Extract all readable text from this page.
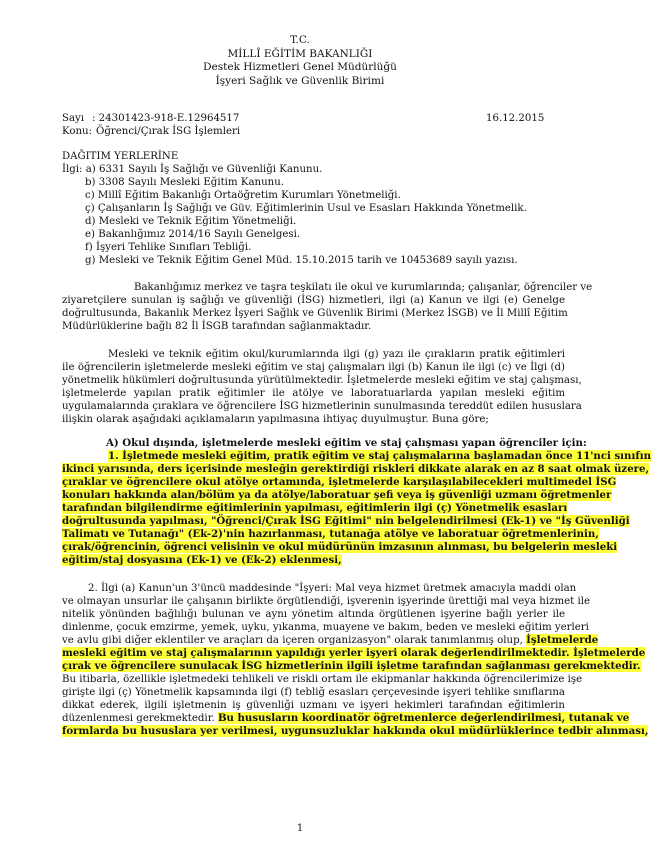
T.C.
MİLLÎ EĞİTİM BAKANLIĞI
Destek Hizmetleri Genel Müdürlüğü
İşyeri Sağlık ve Güvenlik Birimi
Sayı : 24301423-918-E.12964517	16.12.2015
Konu: Öğrenci/Çırak İSG İşlemleri
DAĞITIM YERLERİNE
İlgi: a) 6331 Sayılı İş Sağlığı ve Güvenliği Kanunu.
b) 3308 Sayılı Mesleki Eğitim Kanunu.
c) Millî Eğitim Bakanlığı Ortaöğretim Kurumları Yönetmeliği.
ç) Çalışanların İş Sağlığı ve Güv. Eğitimlerinin Usul ve Esasları Hakkında Yönetmelik.
d) Mesleki ve Teknik Eğitim Yönetmeliği.
e) Bakanlığımız 2014/16 Sayılı Genelgesi.
f) İşyeri Tehlike Sınıfları Tebliği.
g) Mesleki ve Teknik Eğitim Genel Müd. 15.10.2015 tarih ve 10453689 sayılı yazısı.
Bakanlığımız merkez ve taşra teşkilatı ile okul ve kurumlarında; çalışanlar, öğrenciler ve
ziyaretçilere sunulan iş sağlığı ve güvenliği (İSG) hizmetleri, ilgi (a) Kanun ve ilgi (e) Genelge
doğrultusunda, Bakanlık Merkez İşyeri Sağlık ve Güvenlik Birimi (Merkez İSGB) ve İl Millî Eğitim
Müdürlüklerine bağlı 82 İl İSGB tarafından sağlanmaktadır.
Mesleki ve teknik eğitim okul/kurumlarında ilgi (g) yazı ile çırakların pratik eğitimleri
ile öğrencilerin işletmelerde mesleki eğitim ve staj çalışmaları ilgi (b) Kanun ile ilgi (c) ve İlgi (d)
yönetmelik hükümleri doğrultusunda yürütülmektedir. İşletmelerde mesleki eğitim ve staj çalışması,
işletmelerde yapılan pratik eğitimler ile atölye ve laboratuarlarda yapılan mesleki eğitim
uygulamalarında çıraklara ve öğrencilere İSG hizmetlerinin sunulmasında tereddüt edilen hususlara
ilişkin olarak aşağıdaki açıklamaların yapılmasına ihtiyaç duyulmuştur. Buna göre;
A) Okul dışında, işletmelerde mesleki eğitim ve staj çalışması yapan öğrenciler için:
1. İşletmede mesleki eğitim, pratik eğitim ve staj çalışmalarına başlamadan önce 11'nci sınıfın
ikinci yarısında, ders içerisinde mesleğin gerektirdiği riskleri dikkate alarak en az 8 saat olmak üzere,
çıraklar ve öğrencilere okul atölye ortamında, işletmelerde karşılaşılabilecekleri multimedel İSG
konuları hakkında alan/bölüm ya da atölye/laboratuar şefi veya iş güvenliği uzmanı öğretmenler
tarafından bilgilendirme eğitimlerinin yapılması, eğitimlerin ilgi (ç) Yönetmelik esasları
doğrultusunda yapılması, "Öğrenci/Çırak İSG Eğitimi" nin belgelendirilmesi (Ek-1) ve "İş Güvenliği
Talimatı ve Tutanağı" (Ek-2)'nin hazırlanması, tutanağa atölye ve laboratuar öğretmenlerinin,
çırak/öğrencinin, öğrenci velisinin ve okul müdürünün imzasının alınması, bu belgelerin mesleki
eğitim/staj dosyasına (Ek-1) ve (Ek-2) eklenmesi,
2. İlgi (a) Kanun'un 3'üncü maddesinde "İşyeri: Mal veya hizmet üretmek amacıyla maddi olan
ve olmayan unsurlar ile çalışanın birlikte örgütlendiği, işverenin işyerinde ürettiği mal veya hizmet ile
nitelik yönünden bağlılığı bulunan ve aynı yönetim altında örgütlenen işyerine bağlı yerler ile
dinlenme, çocuk emzirme, yemek, uyku, yıkanma, muayene ve bakım, beden ve mesleki eğitim yerleri
ve avlu gibi diğer eklentiler ve araçları da içeren organizasyon" olarak tanımlanmış olup, İşletmelerde
mesleki eğitim ve staj çalışmalarının yapıldığı yerler işyeri olarak değerlendirilmektedir. İşletmelerde
çırak ve öğrencilere sunulacak İSG hizmetlerinin ilgili işletme tarafından sağlanması gerekmektedir.
Bu itibarla, özellikle işletmedeki tehlikeli ve riskli ortam ile ekipmanlar hakkında öğrencilerimize işe
girişte ilgi (ç) Yönetmelik kapsamında ilgi (f) tebliğ esasları çerçevesinde işyeri tehlike sınıflarına
dikkat ederek, ilgili işletmenin iş güvenliği uzmanı ve işyeri hekimleri tarafından eğitimlerin
düzenlenmesi gerekmektedir. Bu hususların koordinatör öğretmenlerce değerlendirilmesi, tutanak ve
formlarda bu hususlara yer verilmesi, uygunsuzluklar hakkında okul müdürlüklerince tedbir alınması,
1
